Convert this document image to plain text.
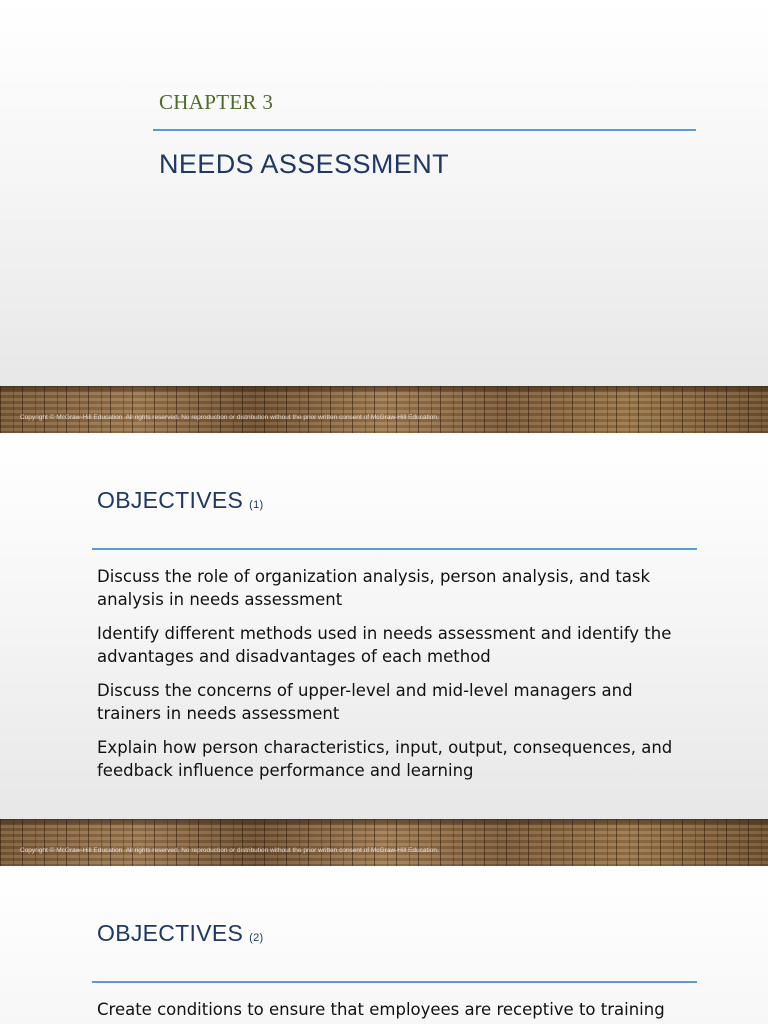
CHAPTER 3
NEEDS ASSESSMENT
Copyright © McGraw-Hill Education. All rights reserved. No reproduction or distribution without the prior written consent of McGraw-Hill Education.
OBJECTIVES (1)
Discuss the role of organization analysis, person analysis, and task analysis in needs assessment
Identify different methods used in needs assessment and identify the advantages and disadvantages of each method
Discuss the concerns of upper-level and mid-level managers and trainers in needs assessment
Explain how person characteristics, input, output, consequences, and feedback influence performance and learning
Copyright © McGraw-Hill Education. All rights reserved. No reproduction or distribution without the prior written consent of McGraw-Hill Education.
OBJECTIVES (2)
Create conditions to ensure that employees are receptive to training
